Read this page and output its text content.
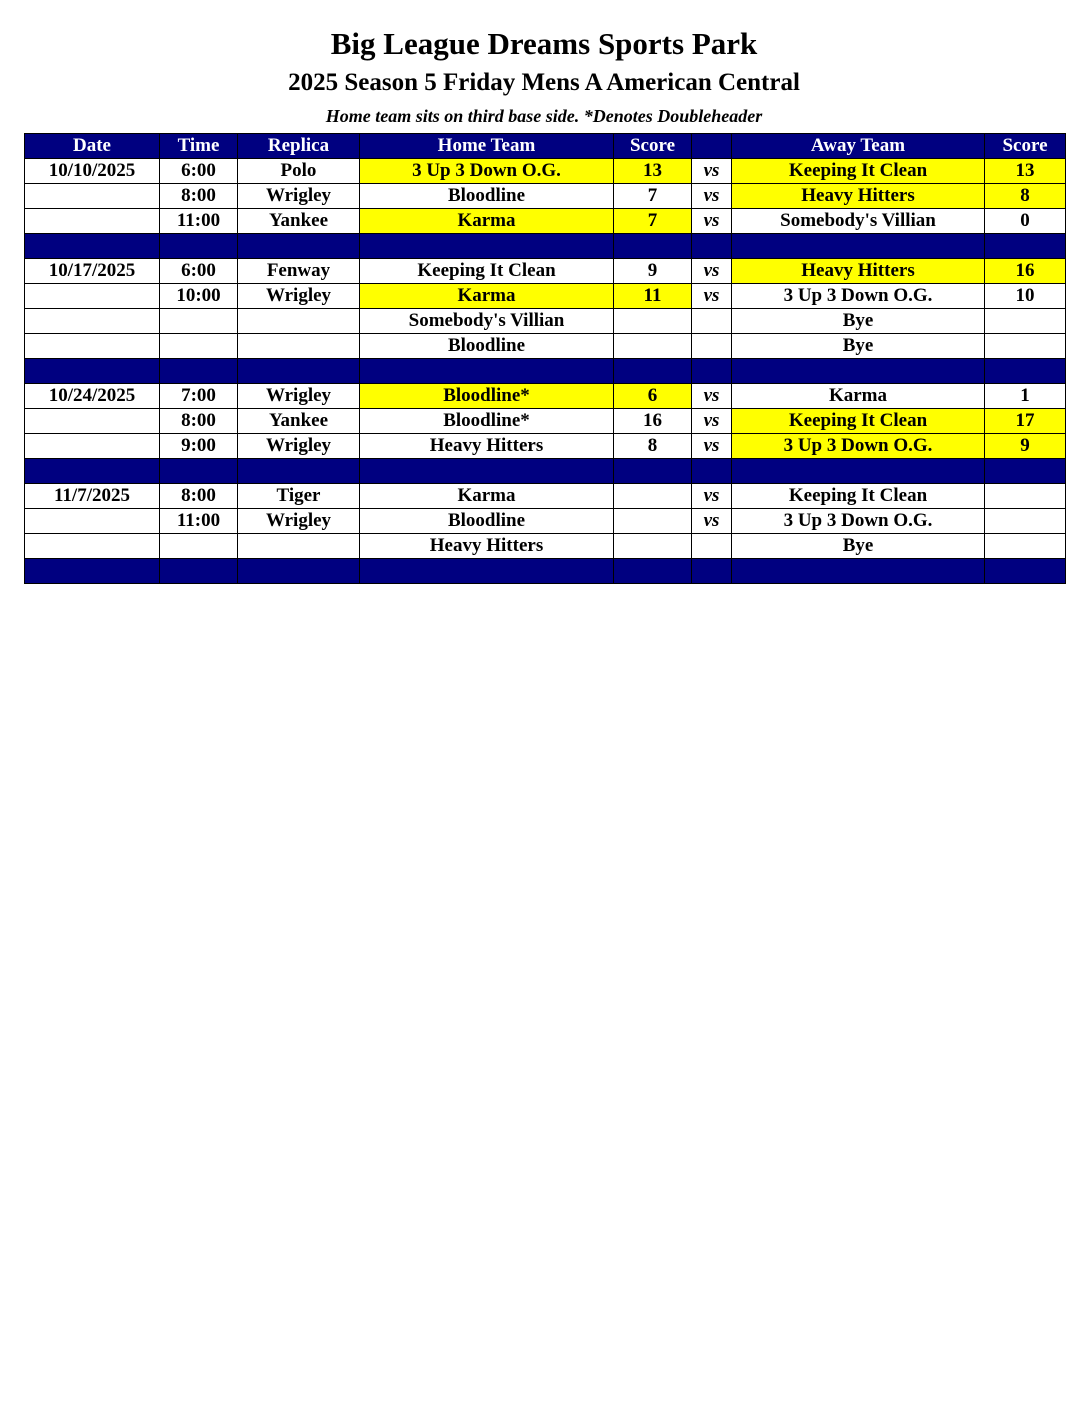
Big League Dreams Sports Park
2025 Season 5 Friday Mens A American Central
Home team sits on third base side. *Denotes Doubleheader
Date	Time	Replica	Home Team	Score		Away Team	Score
10/10/2025	6:00	Polo	3 Up 3 Down O.G.	13	vs	Keeping It Clean	13
	8:00	Wrigley	Bloodline	7	vs	Heavy Hitters	8
	11:00	Yankee	Karma	7	vs	Somebody's Villian	0

10/17/2025	6:00	Fenway	Keeping It Clean	9	vs	Heavy Hitters	16
	10:00	Wrigley	Karma	11	vs	3 Up 3 Down O.G.	10
			Somebody's Villian			Bye	
			Bloodline			Bye	

10/24/2025	7:00	Wrigley	Bloodline*	6	vs	Karma	1
	8:00	Yankee	Bloodline*	16	vs	Keeping It Clean	17
	9:00	Wrigley	Heavy Hitters	8	vs	3 Up 3 Down O.G.	9

11/7/2025	8:00	Tiger	Karma		vs	Keeping It Clean	
	11:00	Wrigley	Bloodline		vs	3 Up 3 Down O.G.	
			Heavy Hitters			Bye	
